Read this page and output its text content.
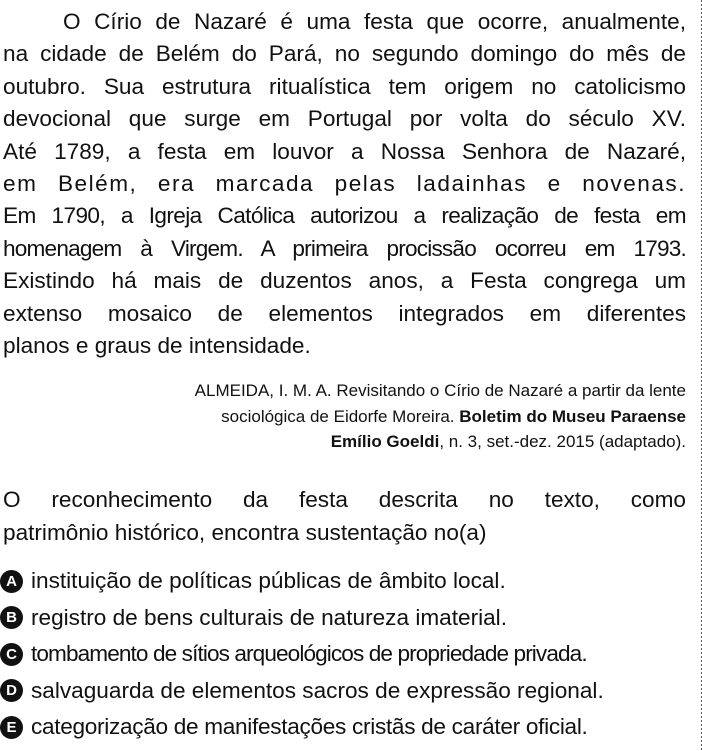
O Círio de Nazaré é uma festa que ocorre, anualmente,
na cidade de Belém do Pará, no segundo domingo do mês de
outubro. Sua estrutura ritualística tem origem no catolicismo
devocional que surge em Portugal por volta do século XV.
Até 1789, a festa em louvor a Nossa Senhora de Nazaré,
em Belém, era marcada pelas ladainhas e novenas.
Em 1790, a Igreja Católica autorizou a realização de festa em
homenagem à Virgem. A primeira procissão ocorreu em 1793.
Existindo há mais de duzentos anos, a Festa congrega um
extenso mosaico de elementos integrados em diferentes
planos e graus de intensidade.
ALMEIDA, I. M. A. Revisitando o Círio de Nazaré a partir da lente
sociológica de Eidorfe Moreira. Boletim do Museu Paraense
Emílio Goeldi, n. 3, set.-dez. 2015 (adaptado).
O reconhecimento da festa descrita no texto, como
patrimônio histórico, encontra sustentação no(a)
A instituição de políticas públicas de âmbito local.
B registro de bens culturais de natureza imaterial.
C tombamento de sítios arqueológicos de propriedade privada.
D salvaguarda de elementos sacros de expressão regional.
E categorização de manifestações cristãs de caráter oficial.
